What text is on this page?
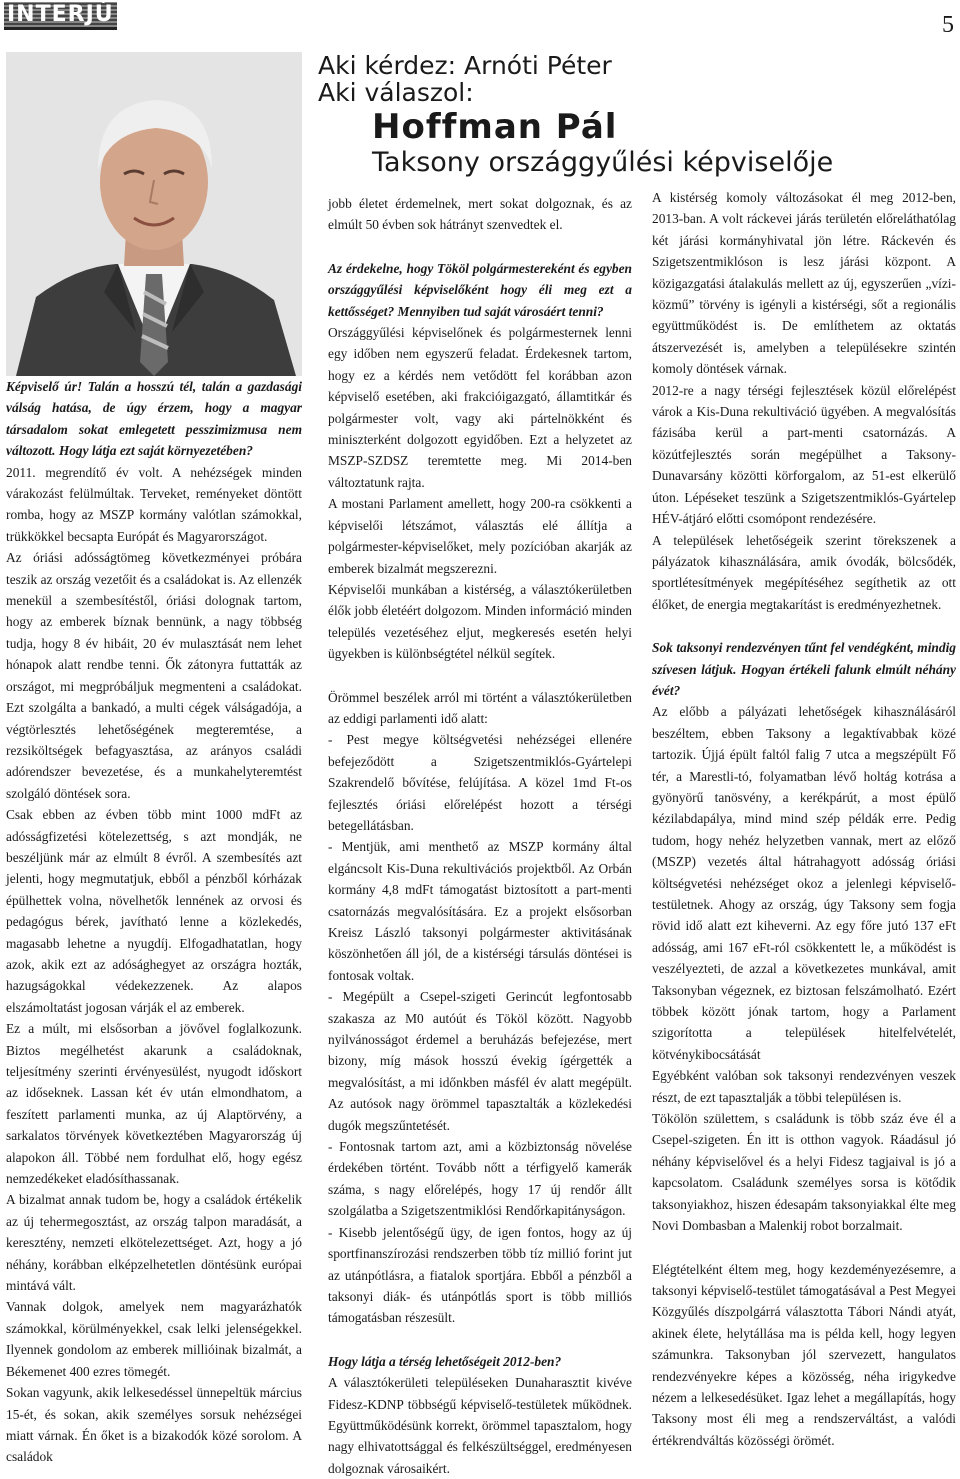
INTERJÚ	5
Aki kérdez: Arnóti Péter
Aki válaszol:
Hoffman Pál
Taksony országgyűlési képviselője

Képviselő úr! Talán a hosszú tél, talán a gazdasági válság hatása, de úgy érzem, hogy a magyar társadalom sokat emlegetett pesszimizmusa nem változott. Hogy látja ezt saját környezetében?

2011. megrendítő év volt. A nehézségek minden várakozást felülmúltak. Terveket, reményeket döntött romba, hogy az MSZP kormány valótlan számokkal, trükkökkel becsapta Európát és Magyarországot.

Az óriási adósságtömeg következményei próbára teszik az ország vezetőit és a családokat is. Az ellenzék menekül a szembesítéstől, óriási dolognak tartom, hogy az emberek bíznak bennünk, a nagy többség tudja, hogy 8 év hibáit, 20 év mulasztását nem lehet hónapok alatt rendbe tenni. Ők zátonyra futtatták az országot, mi megpróbáljuk megmenteni a családokat. Ezt szolgálta a bankadó, a multi cégek válságadója, a végtörlesztés lehetőségének megteremtése, a rezsiköltségek befagyasztása, az arányos családi adórendszer bevezetése, és a munkahelyteremtést szolgáló döntések sora.

Csak ebben az évben több mint 1000 mdFt az adósságfizetési kötelezettség, s azt mondják, ne beszéljünk már az elmúlt 8 évről. A szembesítés azt jelenti, hogy megmutatjuk, ebből a pénzből kórházak épülhettek volna, növelhetők lennének az orvosi és pedagógus bérek, javítható lenne a közlekedés, magasabb lehetne a nyugdíj. Elfogadhatatlan, hogy azok, akik ezt az adósághegyet az országra hozták, hazugságokkal védekezzenek. Az alapos elszámoltatást jogosan várják el az emberek.

Ez a múlt, mi elsősorban a jövővel foglalkozunk. Biztos megélhetést akarunk a családoknak, teljesítmény szerinti érvényesülést, nyugodt időskort az időseknek. Lassan két év után elmondhatom, a feszített parlamenti munka, az új Alaptörvény, a sarkalatos törvények következtében Magyarország új alapokon áll. Többé nem fordulhat elő, hogy egész nemzedékeket eladósíthassanak.

A bizalmat annak tudom be, hogy a családok értékelik az új tehermegosztást, az ország talpon maradását, a keresztény, nemzeti elkötelezettséget. Azt, hogy a jó néhány, korábban elképzelhetetlen döntésünk európai mintává vált.

Vannak dolgok, amelyek nem magyarázhatók számokkal, körülményekkel, csak lelki jelenségekkel. Ilyennek gondolom az emberek millióinak bizalmát, a Békemenet 400 ezres tömegét.

Sokan vagyunk, akik lelkesedéssel ünnepeltük március 15-ét, és sokan, akik személyes sorsuk nehézségei miatt várnak. Én őket is a bizakodók közé sorolom. A családok

jobb életet érdemelnek, mert sokat dolgoznak, és az elmúlt 50 évben sok hátrányt szenvedtek el.

Az érdekelne, hogy Tököl polgármestereként és egyben országgyűlési képviselőként hogy éli meg ezt a kettősséget? Mennyiben tud saját városáért tenni?

Országgyűlési képviselőnek és polgármesternek lenni egy időben nem egyszerű feladat. Érdekesnek tartom, hogy ez a kérdés nem vetődött fel korábban azon képviselő esetében, aki frakcióigazgató, államtitkár és polgármester volt, vagy aki pártelnökként és miniszterként dolgozott egyidőben. Ezt a helyzetet az MSZP-SZDSZ teremtette meg. Mi 2014-ben változtatunk rajta.

A mostani Parlament amellett, hogy 200-ra csökkenti a képviselői létszámot, választás elé állítja a polgármester-képviselőket, mely pozícióban akarják az emberek bizalmát megszerezni.

Képviselői munkában a kistérség, a választókerületben élők jobb életéért dolgozom. Minden információ minden település vezetéséhez eljut, megkeresés esetén helyi ügyekben is különbségtétel nélkül segítek.

Örömmel beszélek arról mi történt a választókerületben az eddigi parlamenti idő alatt:

- Pest megye költségvetési nehézségei ellenére befejeződött a Szigetszentmiklós-Gyártelepi Szakrendelő bővítése, felújítása. A közel 1md Ft-os fejlesztés óriási előrelépést hozott a térségi betegellátásban.

- Mentjük, ami menthető az MSZP kormány által elgáncsolt Kis-Duna rekultivációs projektből. Az Orbán kormány 4,8 mdFt támogatást biztosított a part-menti csatornázás megvalósítására. Ez a projekt elsősorban Kreisz László taksonyi polgármester aktivitásának köszönhetően áll jól, de a kistérségi társulás döntései is fontosak voltak.

- Megépült a Csepel-szigeti Gerincút legfontosabb szakasza az M0 autóút és Tököl között. Nagyobb nyilvánosságot érdemel a beruházás befejezése, mert bizony, míg mások hosszú évekig ígérgették a megvalósítást, a mi időnkben másfél év alatt megépült. Az autósok nagy örömmel tapasztalták a közlekedési dugók megszűntetését.

- Fontosnak tartom azt, ami a közbiztonság növelése érdekében történt. Tovább nőtt a térfigyelő kamerák száma, s nagy előrelépés, hogy 17 új rendőr állt szolgálatba a Szigetszentmiklósi Rendőrkapitányságon.

- Kisebb jelentőségű ügy, de igen fontos, hogy az új sportfinanszírozási rendszerben több tíz millió forint jut az utánpótlásra, a fiatalok sportjára. Ebből a pénzből a taksonyi diák- és utánpótlás sport is több milliós támogatásban részesült.

Hogy látja a térség lehetőségeit 2012-ben?

A választókerületi településeken Dunaharasztit kivéve Fidesz-KDNP többségű képviselő-testületek működnek. Együttműködésünk korrekt, örömmel tapasztalom, hogy nagy elhivatottsággal és felkészültséggel, eredményesen dolgoznak városaikért.

A kistérség komoly változásokat él meg 2012-ben, 2013-ban. A volt ráckevei járás területén előreláthatólag két járási kormányhivatal jön létre. Ráckevén és Szigetszentmiklóson is lesz járási központ. A közigazgatási átalakulás mellett az új, egyszerűen „vízi-közmű” törvény is igényli a kistérségi, sőt a regionális együttműködést is. De említhetem az oktatás átszervezését is, amelyben a településekre szintén komoly döntések várnak.

2012-re a nagy térségi fejlesztések közül előrelépést várok a Kis-Duna rekultiváció ügyében. A megvalósítás fázisába kerül a part-menti csatornázás. A közútfejlesztés során megépülhet a Taksony-Dunavarsány közötti körforgalom, az 51-est elkerülő úton. Lépéseket teszünk a Szigetszentmiklós-Gyártelep HÉV-átjáró előtti csomópont rendezésére.

A települések lehetőségeik szerint törekszenek a pályázatok kihasználására, amik óvodák, bölcsődék, sportlétesítmények megépítéséhez segíthetik az ott élőket, de energia megtakarítást is eredményezhetnek.

Sok taksonyi rendezvényen tűnt fel vendégként, mindig szívesen látjuk. Hogyan értékeli falunk elmúlt néhány évét?

Az előbb a pályázati lehetőségek kihasználásáról beszéltem, ebben Taksony a legaktívabbak közé tartozik. Újjá épült faltól falig 7 utca a megszépült Fő tér, a Marestli-tó, folyamatban lévő holtág kotrása a gyönyörű tanösvény, a kerékpárút, a most épülő kézilabdapálya, mind mind szép példák erre. Pedig tudom, hogy nehéz helyzetben vannak, mert az előző (MSZP) vezetés által hátrahagyott adósság óriási költségvetési nehézséget okoz a jelenlegi képviselő-testületnek. Ahogy az ország, úgy Taksony sem fogja rövid idő alatt ezt kiheverni. Az egy főre jutó 137 eFt adósság, ami 167 eFt-ról csökkentett le, a működést is veszélyezteti, de azzal a következetes munkával, amit Taksonyban végeznek, ez biztosan felszámolható. Ezért többek között jónak tartom, hogy a Parlament szigorította a települések hitelfelvételét, kötvénykibocsátását

Egyébként valóban sok taksonyi rendezvényen veszek részt, de ezt tapasztalják a többi településen is.

Tökölön születtem, s családunk is több száz éve él a Csepel-szigeten. Én itt is otthon vagyok. Ráadásul jó néhány képviselővel és a helyi Fidesz tagjaival is jó a kapcsolatom. Családunk személyes sorsa is kötődik taksonyiakhoz, hiszen édesapám taksonyiakkal élte meg Novi Dombasban a Malenkij robot borzalmait.

Elégtételként éltem meg, hogy kezdeményezésemre, a taksonyi képviselő-testület támogatásával a Pest Megyei Közgyűlés díszpolgárrá választotta Tábori Nándi atyát, akinek élete, helytállása ma is példa kell, hogy legyen számunkra. Taksonyban jól szervezett, hangulatos rendezvényekre képes a közösség, néha irigykedve nézem a lelkesedésüket. Igaz lehet a megállapítás, hogy Taksony most éli meg a rendszerváltást, a valódi értékrendváltás közösségi örömét.
